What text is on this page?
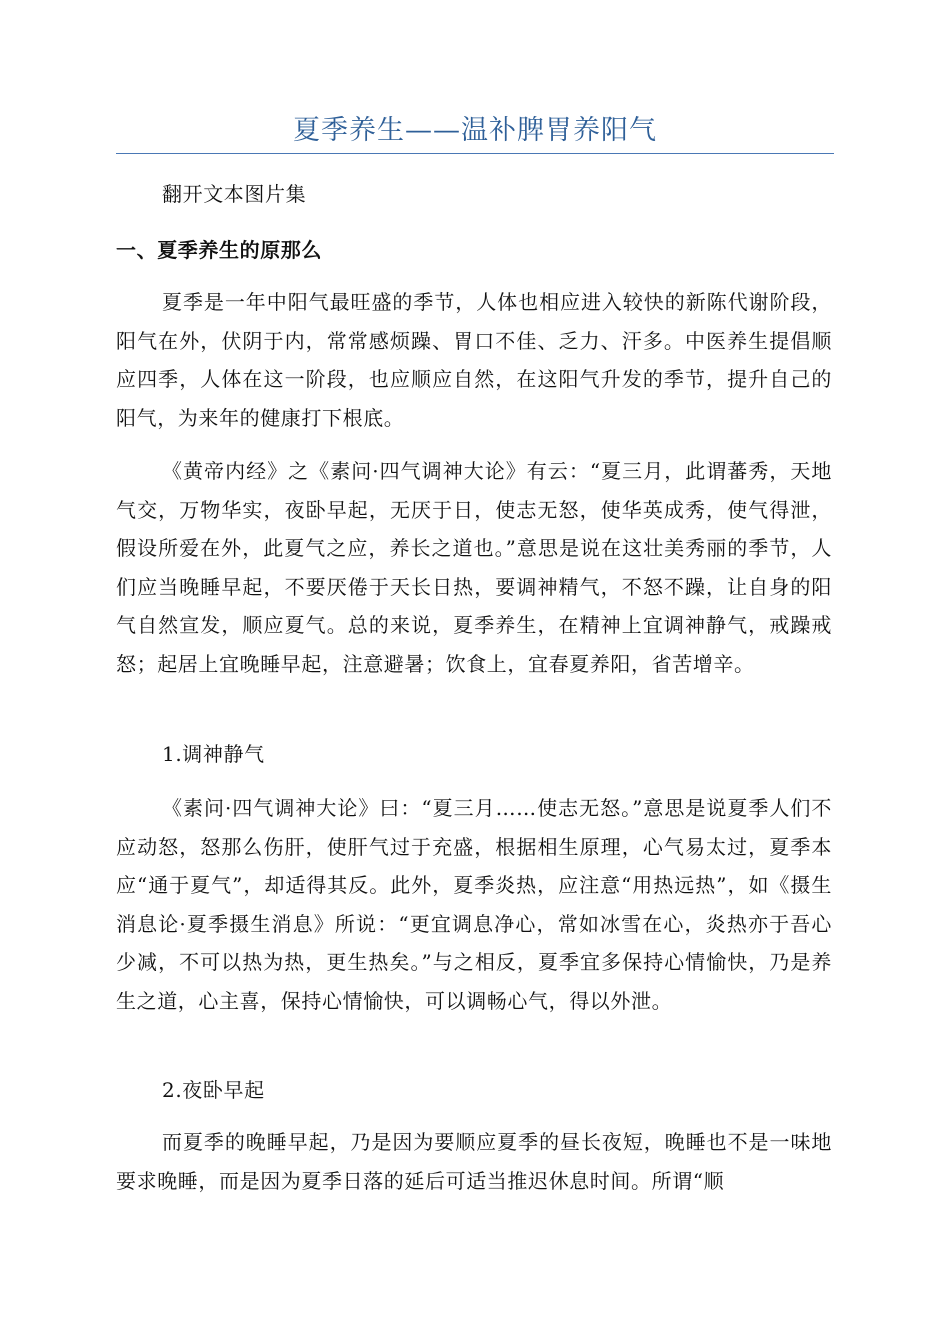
夏季养生——温补脾胃养阳气

翻开文本图片集

一、夏季养生的原那么

夏季是一年中阳气最旺盛的季节，人体也相应进入较快的新陈代谢阶段，阳气在外，伏阴于内，常常感烦躁、胃口不佳、乏力、汗多。中医养生提倡顺应四季，人体在这一阶段，也应顺应自然，在这阳气升发的季节，提升自己的阳气，为来年的健康打下根底。

《黄帝内经》之《素问·四气调神大论》有云：“夏三月，此谓蕃秀，天地气交，万物华实，夜卧早起，无厌于日，使志无怒，使华英成秀，使气得泄，假设所爱在外，此夏气之应，养长之道也。”意思是说在这壮美秀丽的季节，人们应当晚睡早起，不要厌倦于天长日热，要调神精气，不怒不躁，让自身的阳气自然宣发，顺应夏气。总的来说，夏季养生，在精神上宜调神静气，戒躁戒怒；起居上宜晚睡早起，注意避暑；饮食上，宜春夏养阳，省苦增辛。

1.调神静气

《素问·四气调神大论》曰：“夏三月……使志无怒。”意思是说夏季人们不应动怒，怒那么伤肝，使肝气过于充盛，根据相生原理，心气易太过，夏季本应“通于夏气”，却适得其反。此外，夏季炎热，应注意“用热远热”，如《摄生消息论·夏季摄生消息》所说：“更宜调息净心，常如冰雪在心，炎热亦于吾心少减，不可以热为热，更生热矣。”与之相反，夏季宜多保持心情愉快，乃是养生之道，心主喜，保持心情愉快，可以调畅心气，得以外泄。

2.夜卧早起

而夏季的晚睡早起，乃是因为要顺应夏季的昼长夜短，晚睡也不是一味地要求晚睡，而是因为夏季日落的延后可适当推迟休息时间。所谓“顺
